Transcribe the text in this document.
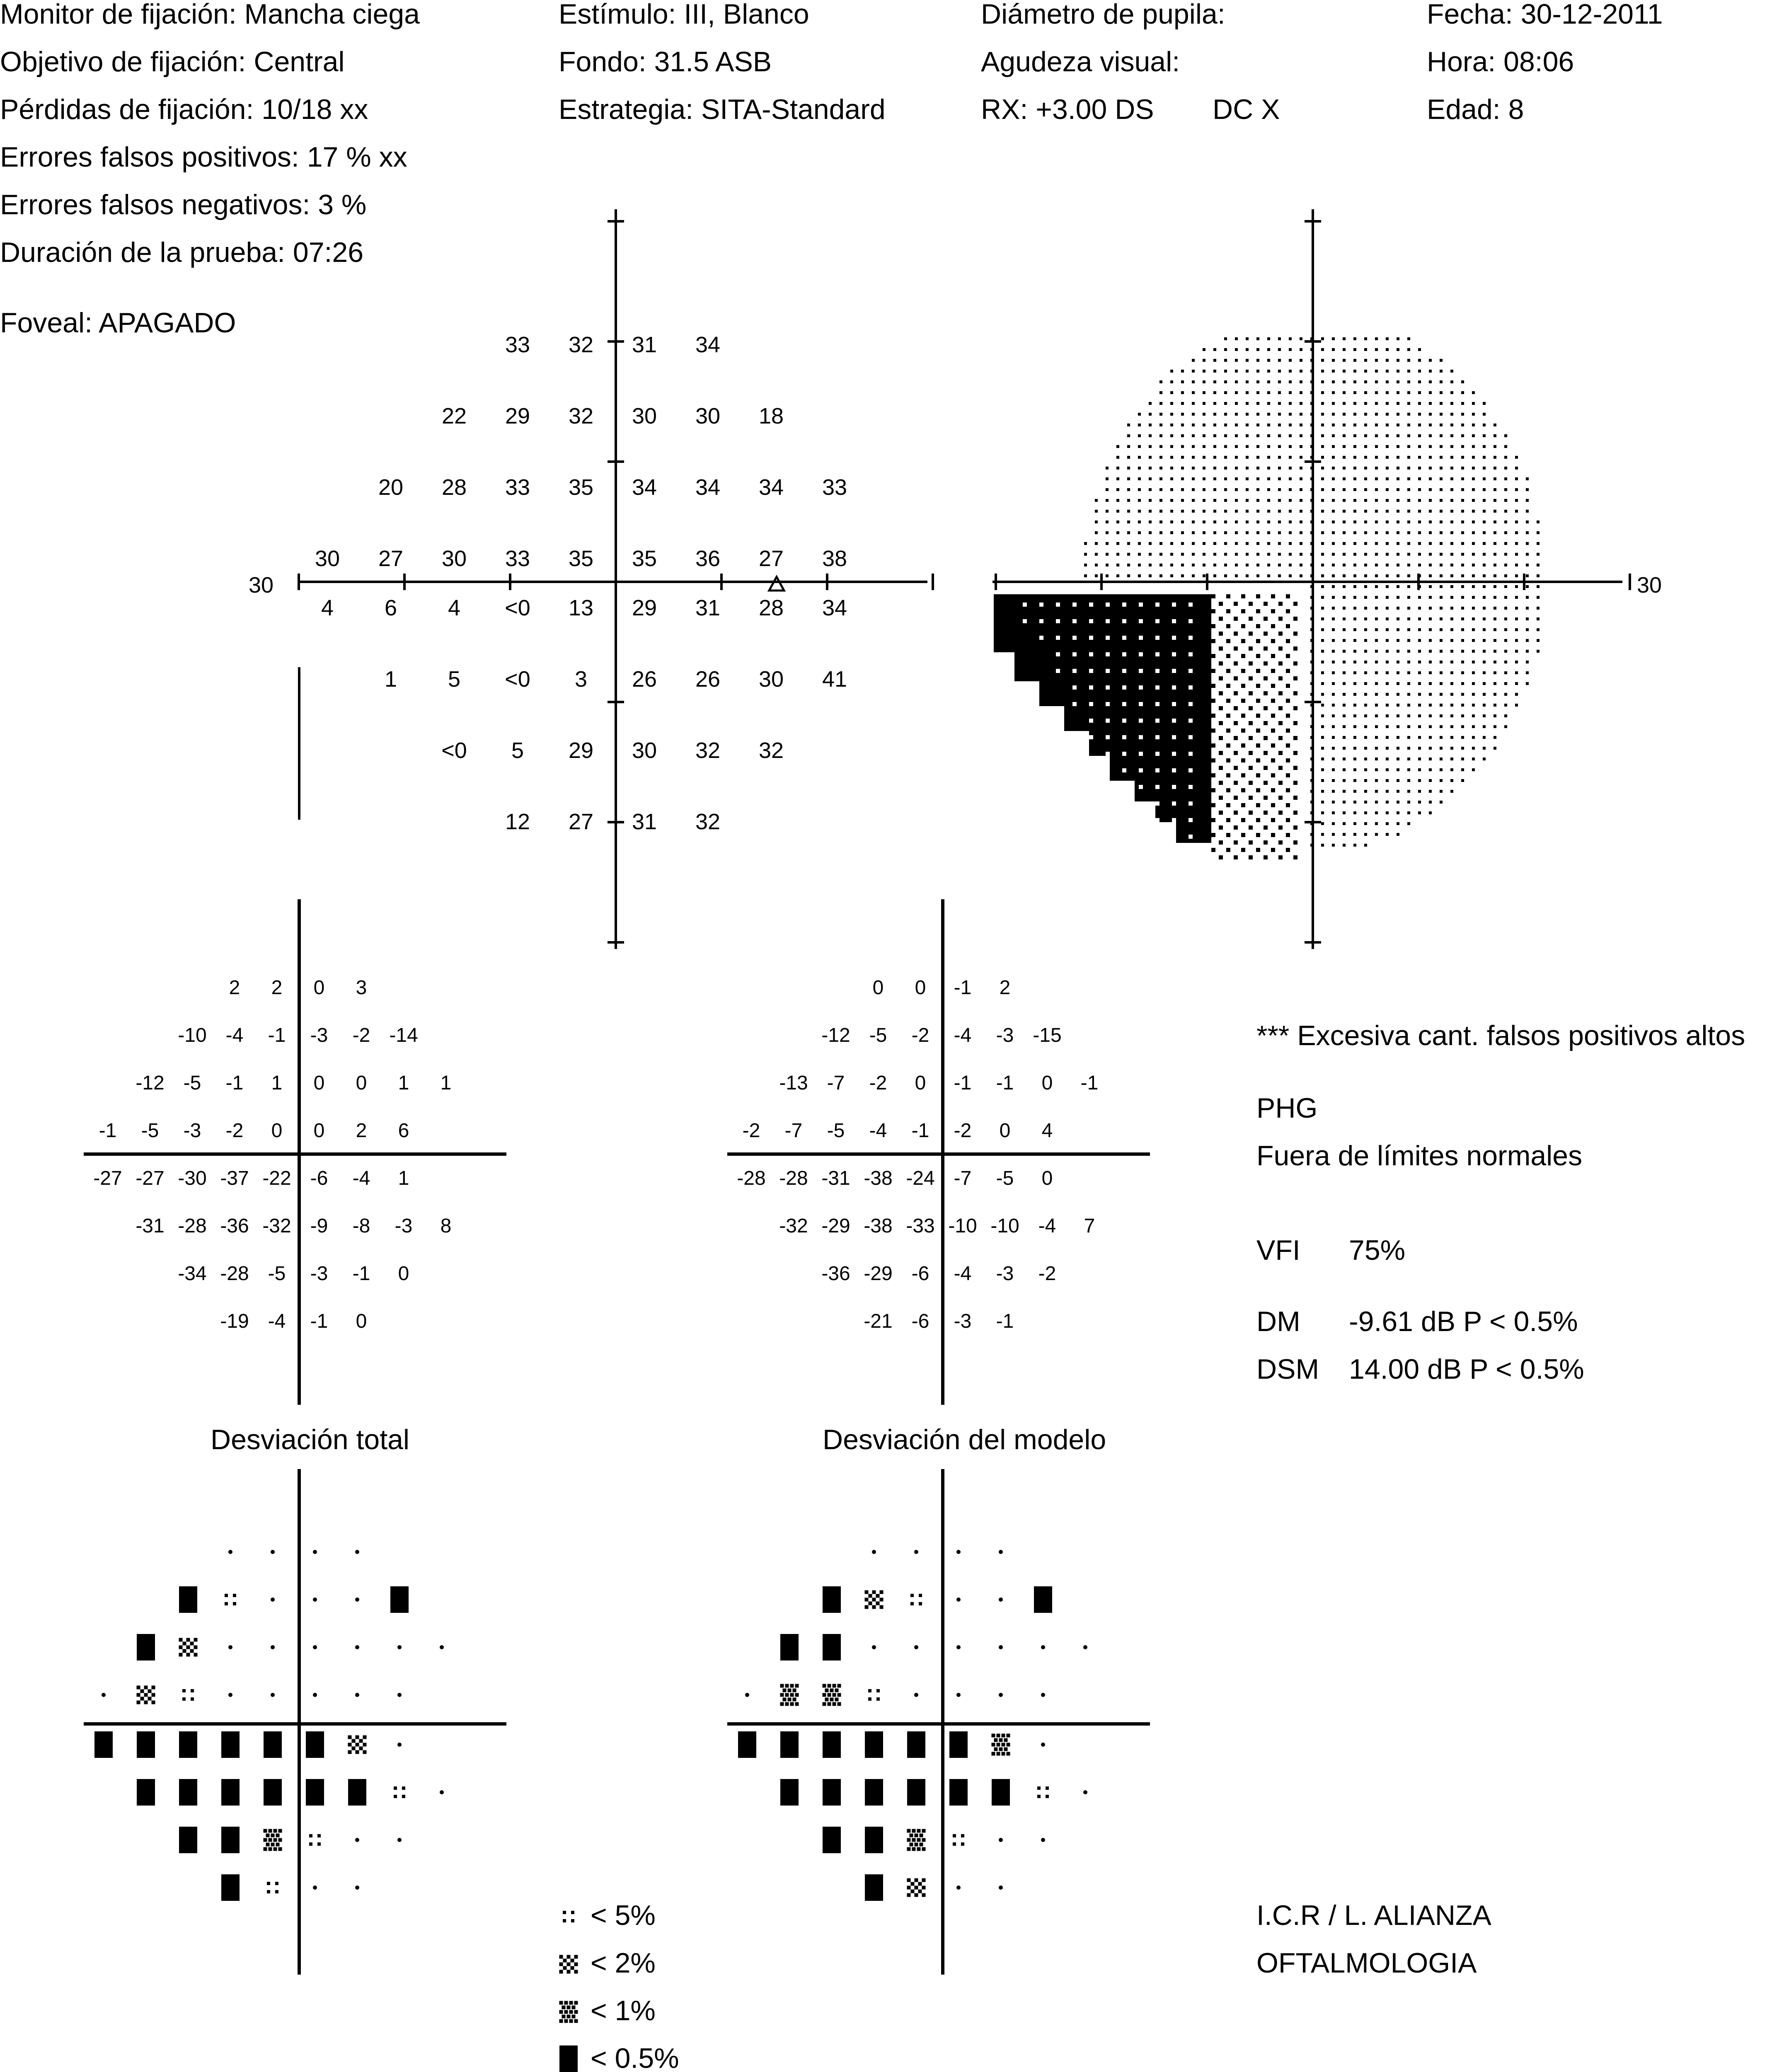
Monitor de fijación: Mancha ciega
Objetivo de fijación: Central
Pérdidas de fijación: 10/18 xx
Errores falsos positivos: 17 % xx
Errores falsos negativos: 3 %
Duración de la prueba: 07:26
Foveal: APAGADO
Estímulo: III, Blanco
Fondo: 31.5 ASB
Estrategia: SITA-Standard
Diámetro de pupila:
Agudeza visual:
RX: +3.00 DS DC X
Fecha: 30-12-2011
Hora: 08:06
Edad: 8
30	30
33 32 31 34
22 29 32 30 30 18
20 28 33 35 34 34 34 33
30 27 30 33 35 35 36 27 38
4 6 4 <0 13 29 31 28 34
1 5 <0 3 26 26 30 41
<0 5 29 30 32 32
12 27 31 32
2 2 0 3
-10 -4 -1 -3 -2 -14
-12 -5 -1 1 0 0 1 1
-1 -5 -3 -2 0 0 2 6
-27 -27 -30 -37 -22 -6 -4 1
-31 -28 -36 -32 -9 -8 -3 8
-34 -28 -5 -3 -1 0
-19 -4 -1 0
0 0 -1 2
-12 -5 -2 -4 -3 -15
-13 -7 -2 0 -1 -1 0 -1
-2 -7 -5 -4 -1 -2 0 4
-28 -28 -31 -38 -24 -7 -5 0
-32 -29 -38 -33 -10 -10 -4 7
-36 -29 -6 -4 -3 -2
-21 -6 -3 -1
Desviación total	Desviación del modelo
< 5%
< 2%
< 1%
< 0.5%
*** Excesiva cant. falsos positivos altos
PHG
Fuera de límites normales
VFI 75%
DM -9.61 dB P < 0.5%
DSM 14.00 dB P < 0.5%
I.C.R / L. ALIANZA
OFTALMOLOGIA
